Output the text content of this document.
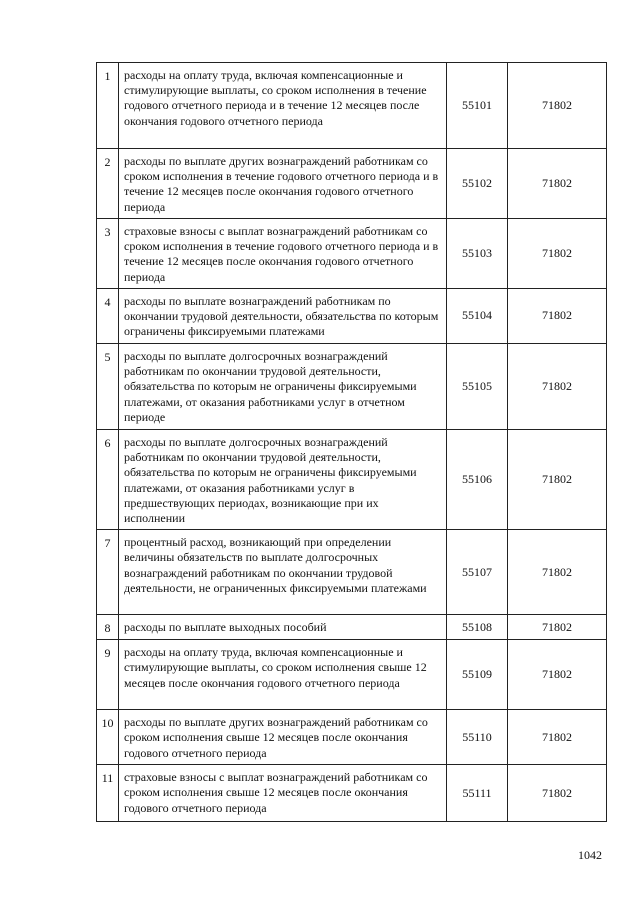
1	расходы на оплату труда, включая компенсационные и стимулирующие выплаты, со сроком исполнения в течение годового отчетного периода и в течение 12 месяцев после окончания годового отчетного периода	55101	71802
2	расходы по выплате других вознаграждений работникам со сроком исполнения в течение годового отчетного периода и в течение 12 месяцев после окончания годового отчетного периода	55102	71802
3	страховые взносы с выплат вознаграждений работникам со сроком исполнения в течение годового отчетного периода и в течение 12 месяцев после окончания годового отчетного периода	55103	71802
4	расходы по выплате вознаграждений работникам по окончании трудовой деятельности, обязательства по которым ограничены фиксируемыми платежами	55104	71802
5	расходы по выплате долгосрочных вознаграждений работникам по окончании трудовой деятельности, обязательства по которым не ограничены фиксируемыми платежами, от оказания работниками услуг в отчетном периоде	55105	71802
6	расходы по выплате долгосрочных вознаграждений работникам по окончании трудовой деятельности, обязательства по которым не ограничены фиксируемыми платежами, от оказания работниками услуг в предшествующих периодах, возникающие при их исполнении	55106	71802
7	процентный расход, возникающий при определении величины обязательств по выплате долгосрочных вознаграждений работникам по окончании трудовой деятельности, не ограниченных фиксируемыми платежами	55107	71802
8	расходы по выплате выходных пособий	55108	71802
9	расходы на оплату труда, включая компенсационные и стимулирующие выплаты, со сроком исполнения свыше 12 месяцев после окончания годового отчетного периода	55109	71802
10	расходы по выплате других вознаграждений работникам со сроком исполнения свыше 12 месяцев после окончания годового отчетного периода	55110	71802
11	страховые взносы с выплат вознаграждений работникам со сроком исполнения свыше 12 месяцев после окончания годового отчетного периода	55111	71802
1042
